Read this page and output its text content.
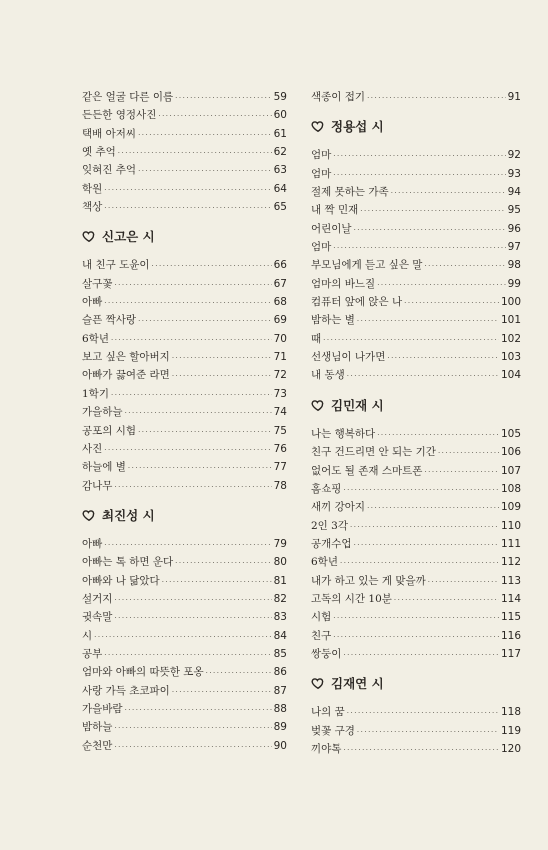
같은 얼굴 다른 이름 ·····	59
든든한 영정사진 ·····	60
택배 아저씨 ·····	61
옛 추억 ·····	62
잊혀진 추억 ·····	63
학원 ·····	64
책상 ·····	65
신고은 시
내 친구 도윤이 ·····	66
살구꽃 ·····	67
아빠 ·····	68
슬픈 짝사랑 ·····	69
6학년 ·····	70
보고 싶은 할아버지 ·····	71
아빠가 끓여준 라면 ·····	72
1학기 ·····	73
가을하늘 ·····	74
공포의 시험 ·····	75
사진 ·····	76
하늘에 별 ·····	77
감나무 ·····	78
최진성 시
아빠 ·····	79
아빠는 톡 하면 운다 ·····	80
아빠와 나 닮았다 ·····	81
설거지 ·····	82
귓속말 ·····	83
시 ·····	84
공부 ·····	85
엄마와 아빠의 따뜻한 포옹 ·····	86
사랑 가득 초코파이 ·····	87
가을바람 ·····	88
밤하늘 ·····	89
순천만 ·····	90
색종이 접기 ·····	91
정용섭 시
엄마 ·····	92
엄마 ·····	93
절제 못하는 가족 ·····	94
내 짝 민재 ·····	95
어린이날 ·····	96
엄마 ·····	97
부모님에게 듣고 싶은 말 ·····	98
엄마의 바느질 ·····	99
컴퓨터 앞에 앉은 나 ·····	100
밤하는 별 ·····	101
때 ·····	102
선생님이 나가면 ·····	103
내 동생 ·····	104
김민재 시
나는 행복하다 ·····	105
친구 건드리면 안 되는 기간 ·····	106
없어도 될 존재 스마트폰 ·····	107
홈쇼핑 ·····	108
새끼 강아지 ·····	109
2인 3각 ·····	110
공개수업 ·····	111
6학년 ·····	112
내가 하고 있는 게 맞을까 ·····	113
고독의 시간 10분 ·····	114
시험 ·····	115
친구 ·····	116
쌍둥이 ·····	117
김재연 시
나의 꿈 ·····	118
벚꽃 구경 ·····	119
끼야톡 ·····	120
